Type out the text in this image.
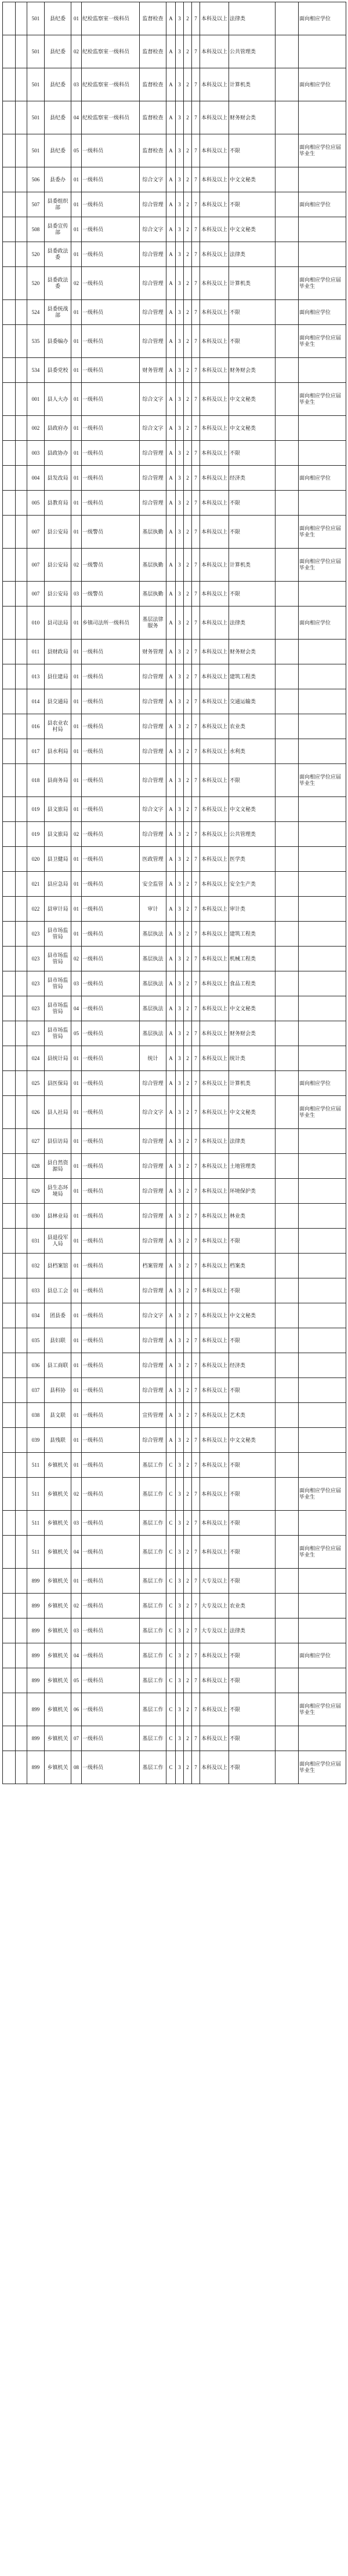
		501	县纪委	01	纪检监察室一级科员	监督检查	A	3	2	7	本科及以上	法律类		面向相应学位
		501	县纪委	02	纪检监察室一级科员	监督检查	A	3	2	7	本科及以上	公共管理类		
		501	县纪委	03	纪检监察室一级科员	监督检查	A	3	2	7	本科及以上	计算机类		面向相应学位
		501	县纪委	04	纪检监察室一级科员	监督检查	A	3	2	7	本科及以上	财务财会类		
		501	县纪委	05	一级科员	监督检查	A	3	2	7	本科及以上	不限		面向相应学位应届毕业生
		506	县委办	01	一级科员	综合文字	A	3	2	7	本科及以上	中文文秘类		
		507	县委组织部	01	一级科员	综合管理	A	3	2	7	本科及以上	不限		面向相应学位
		508	县委宣传部	01	一级科员	综合文字	A	3	2	7	本科及以上	中文文秘类		
		520	县委政法委	01	一级科员	综合管理	A	3	2	7	本科及以上	法律类		
		520	县委政法委	02	一级科员	综合管理	A	3	2	7	本科及以上	计算机类		面向相应学位应届毕业生
		524	县委统战部	01	一级科员	综合管理	A	3	2	7	本科及以上	不限		面向相应学位
		535	县委编办	01	一级科员	综合管理	A	3	2	7	本科及以上	不限		面向相应学位应届毕业生
		534	县委党校	01	一级科员	财务管理	A	3	2	7	本科及以上	财务财会类		
		001	县人大办	01	一级科员	综合文字	A	3	2	7	本科及以上	中文文秘类		面向相应学位应届毕业生
		002	县政府办	01	一级科员	综合文字	A	3	2	7	本科及以上	中文文秘类		
		003	县政协办	01	一级科员	综合管理	A	3	2	7	本科及以上	不限		
		004	县发改局	01	一级科员	综合管理	A	3	2	7	本科及以上	经济类		面向相应学位
		005	县教育局	01	一级科员	综合管理	A	3	2	7	本科及以上	不限		
		007	县公安局	01	一级警员	基层执勤	A	3	2	7	本科及以上	不限		面向相应学位应届毕业生
		007	县公安局	02	一级警员	基层执勤	A	3	2	7	本科及以上	计算机类		面向相应学位应届毕业生
		007	县公安局	03	一级警员	基层执勤	A	3	2	7	本科及以上	不限		
		010	县司法局	01	乡镇司法所一级科员	基层法律服务	A	3	2	7	本科及以上	法律类		面向相应学位
		011	县财政局	01	一级科员	财务管理	A	3	2	7	本科及以上	财务财会类		
		013	县住建局	01	一级科员	综合管理	A	3	2	7	本科及以上	建筑工程类		
		014	县交通局	01	一级科员	综合管理	A	3	2	7	本科及以上	交通运输类		
		016	县农业农村局	01	一级科员	综合管理	A	3	2	7	本科及以上	农业类		
		017	县水利局	01	一级科员	综合管理	A	3	2	7	本科及以上	水利类		
		018	县商务局	01	一级科员	综合管理	A	3	2	7	本科及以上	不限		面向相应学位应届毕业生
		019	县文旅局	01	一级科员	综合文字	A	3	2	7	本科及以上	中文文秘类		
		019	县文旅局	02	一级科员	综合管理	A	3	2	7	本科及以上	公共管理类		
		020	县卫健局	01	一级科员	医政管理	A	3	2	7	本科及以上	医学类		
		021	县应急局	01	一级科员	安全监管	A	3	2	7	本科及以上	安全生产类		
		022	县审计局	01	一级科员	审计	A	3	2	7	本科及以上	审计类		
		023	县市场监管局	01	一级科员	基层执法	A	3	2	7	本科及以上	建筑工程类		
		023	县市场监管局	02	一级科员	基层执法	A	3	2	7	本科及以上	机械工程类		
		023	县市场监管局	03	一级科员	基层执法	A	3	2	7	本科及以上	食品工程类		
		023	县市场监管局	04	一级科员	基层执法	A	3	2	7	本科及以上	中文文秘类		
		023	县市场监管局	05	一级科员	基层执法	A	3	2	7	本科及以上	财务财会类		
		024	县统计局	01	一级科员	统计	A	3	2	7	本科及以上	统计类		
		025	县医保局	01	一级科员	综合管理	A	3	2	7	本科及以上	计算机类		面向相应学位
		026	县人社局	01	一级科员	综合文字	A	3	2	7	本科及以上	中文文秘类		面向相应学位应届毕业生
		027	县信访局	01	一级科员	综合管理	A	3	2	7	本科及以上	法律类		
		028	县自然资源局	01	一级科员	综合管理	A	3	2	7	本科及以上	土地管理类		
		029	县生态环境局	01	一级科员	综合管理	A	3	2	7	本科及以上	环境保护类		
		030	县林业局	01	一级科员	综合管理	A	3	2	7	本科及以上	林业类		
		031	县退役军人局	01	一级科员	综合管理	A	3	2	7	本科及以上	不限		
		032	县档案馆	01	一级科员	档案管理	A	3	2	7	本科及以上	档案类		
		033	县总工会	01	一级科员	综合管理	A	3	2	7	本科及以上	不限		
		034	团县委	01	一级科员	综合文字	A	3	2	7	本科及以上	中文文秘类		
		035	县妇联	01	一级科员	综合管理	A	3	2	7	本科及以上	不限		
		036	县工商联	01	一级科员	综合管理	A	3	2	7	本科及以上	经济类		
		037	县科协	01	一级科员	综合管理	A	3	2	7	本科及以上	不限		
		038	县文联	01	一级科员	宣传管理	A	3	2	7	本科及以上	艺术类		
		039	县残联	01	一级科员	综合管理	A	3	2	7	本科及以上	中文文秘类		
		511	乡镇机关	01	一级科员	基层工作	C	3	2	7	本科及以上	不限		
		511	乡镇机关	02	一级科员	基层工作	C	3	2	7	本科及以上	不限		面向相应学位应届毕业生
		511	乡镇机关	03	一级科员	基层工作	C	3	2	7	本科及以上	不限		
		511	乡镇机关	04	一级科员	基层工作	C	3	2	7	本科及以上	不限		面向相应学位应届毕业生
		899	乡镇机关	01	一级科员	基层工作	C	3	2	7	大专及以上	不限		
		899	乡镇机关	02	一级科员	基层工作	C	3	2	7	大专及以上	农业类		
		899	乡镇机关	03	一级科员	基层工作	C	3	2	7	大专及以上	法律类		
		899	乡镇机关	04	一级科员	基层工作	C	3	2	7	本科及以上	不限		面向相应学位
		899	乡镇机关	05	一级科员	基层工作	C	3	2	7	本科及以上	不限		
		899	乡镇机关	06	一级科员	基层工作	C	3	2	7	本科及以上	不限		面向相应学位应届毕业生
		899	乡镇机关	07	一级科员	基层工作	C	3	2	7	本科及以上	不限		
		899	乡镇机关	08	一级科员	基层工作	C	3	2	7	本科及以上	不限		面向相应学位应届毕业生
